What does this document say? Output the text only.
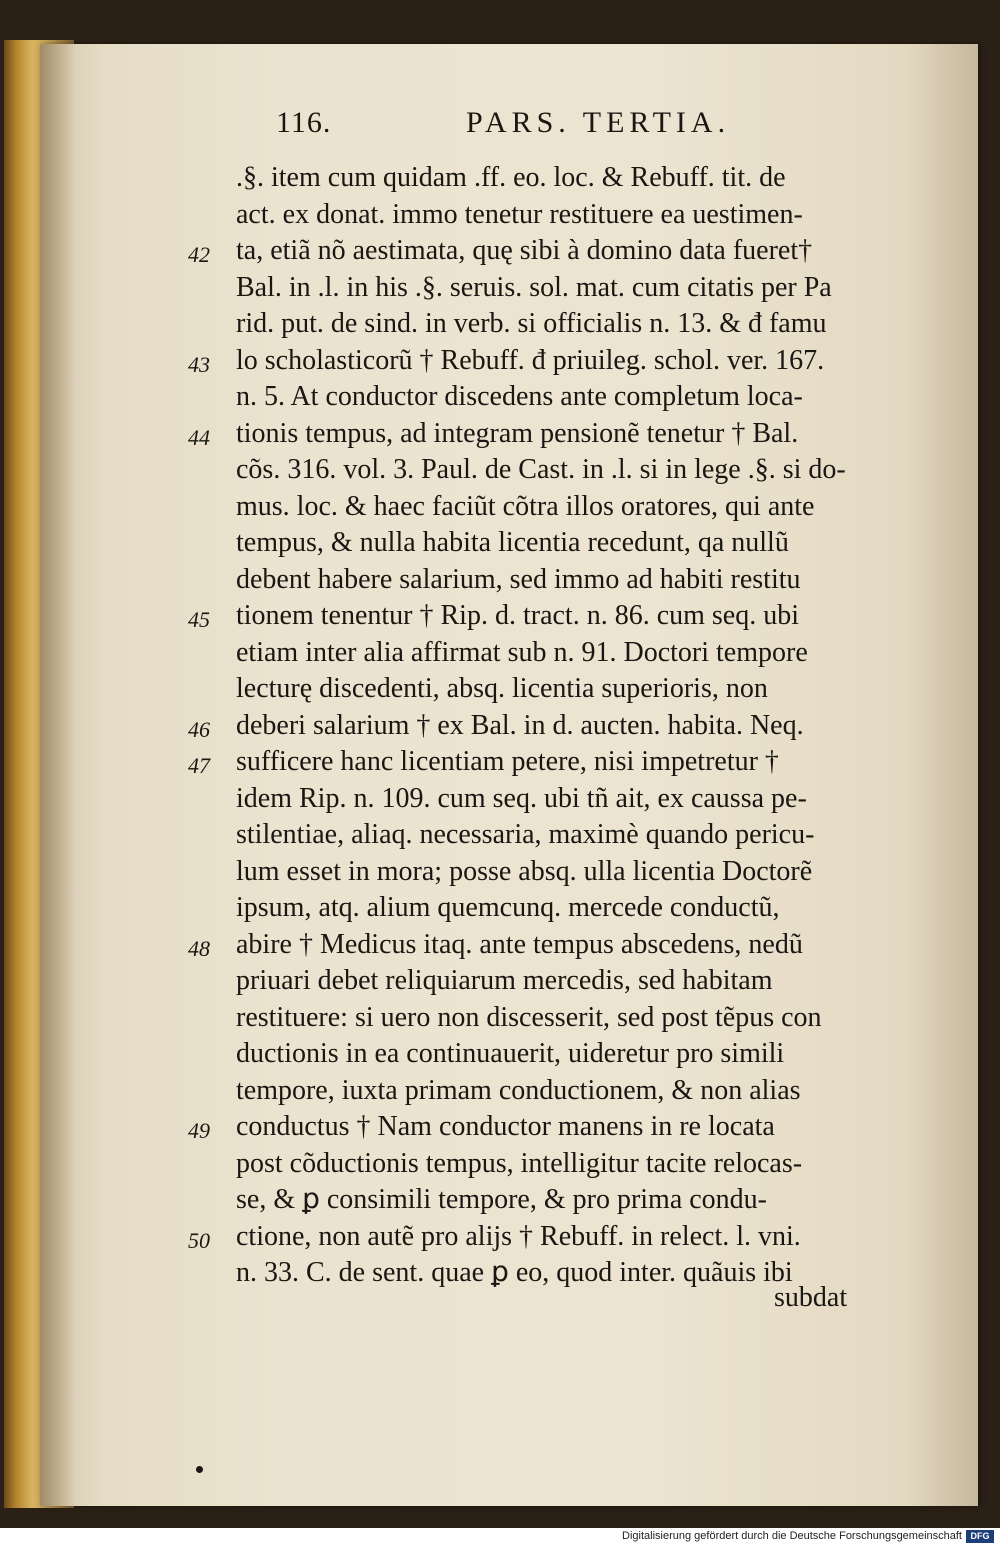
116.	PARS. TERTIA.
.§. item cum quidam .ff. eo. loc. & Rebuff. tit. de
act. ex donat. immo tenetur restituere ea uestimen-
42 ta, etiã nõ aestimata, quę sibi à domino data fueret†
Bal. in .l. in his .§. seruis. sol. mat. cum citatis per Pa
rid. put. de sind. in verb. si officialis n. 13. & đ famu
43 lo scholasticorũ † Rebuff. đ priuileg. schol. ver. 167.
n. 5. At conductor discedens ante completum loca-
44 tionis tempus, ad integram pensionẽ tenetur † Bal.
cõs. 316. vol. 3. Paul. de Cast. in .l. si in lege .§. si do-
mus. loc. & haec faciũt cõtra illos oratores, qui ante
tempus, & nulla habita licentia recedunt, qa nullũ
debent habere salarium, sed immo ad habiti restitu
45 tionem tenentur † Rip. d. tract. n. 86. cum seq. ubi
etiam inter alia affirmat sub n. 91. Doctori tempore
lecturę discedenti, absq. licentia superioris, non
46 deberi salarium † ex Bal. in d. aucten. habita. Neq.
47 sufficere hanc licentiam petere, nisi impetretur †
idem Rip. n. 109. cum seq. ubi tñ ait, ex caussa pe-
stilentiae, aliaq. necessaria, maximè quando pericu-
lum esset in mora; posse absq. ulla licentia Doctorẽ
ipsum, atq. alium quemcunq. mercede conductũ,
48 abire † Medicus itaq. ante tempus abscedens, nedũ
priuari debet reliquiarum mercedis, sed habitam
restituere: si uero non discesserit, sed post tẽpus con
ductionis in ea continuauerit, uideretur pro simili
tempore, iuxta primam conductionem, & non alias
49 conductus † Nam conductor manens in re locata
post cõductionis tempus, intelligitur tacite relocas-
se, & ꝑ consimili tempore, & pro prima condu-
50 ctione, non autẽ pro alijs † Rebuff. in relect. l. vni.
n. 33. C. de sent. quae ꝑ eo, quod inter. quãuis ibi
subdat
Digitalisierung gefördert durch die Deutsche Forschungsgemeinschaft DFG
